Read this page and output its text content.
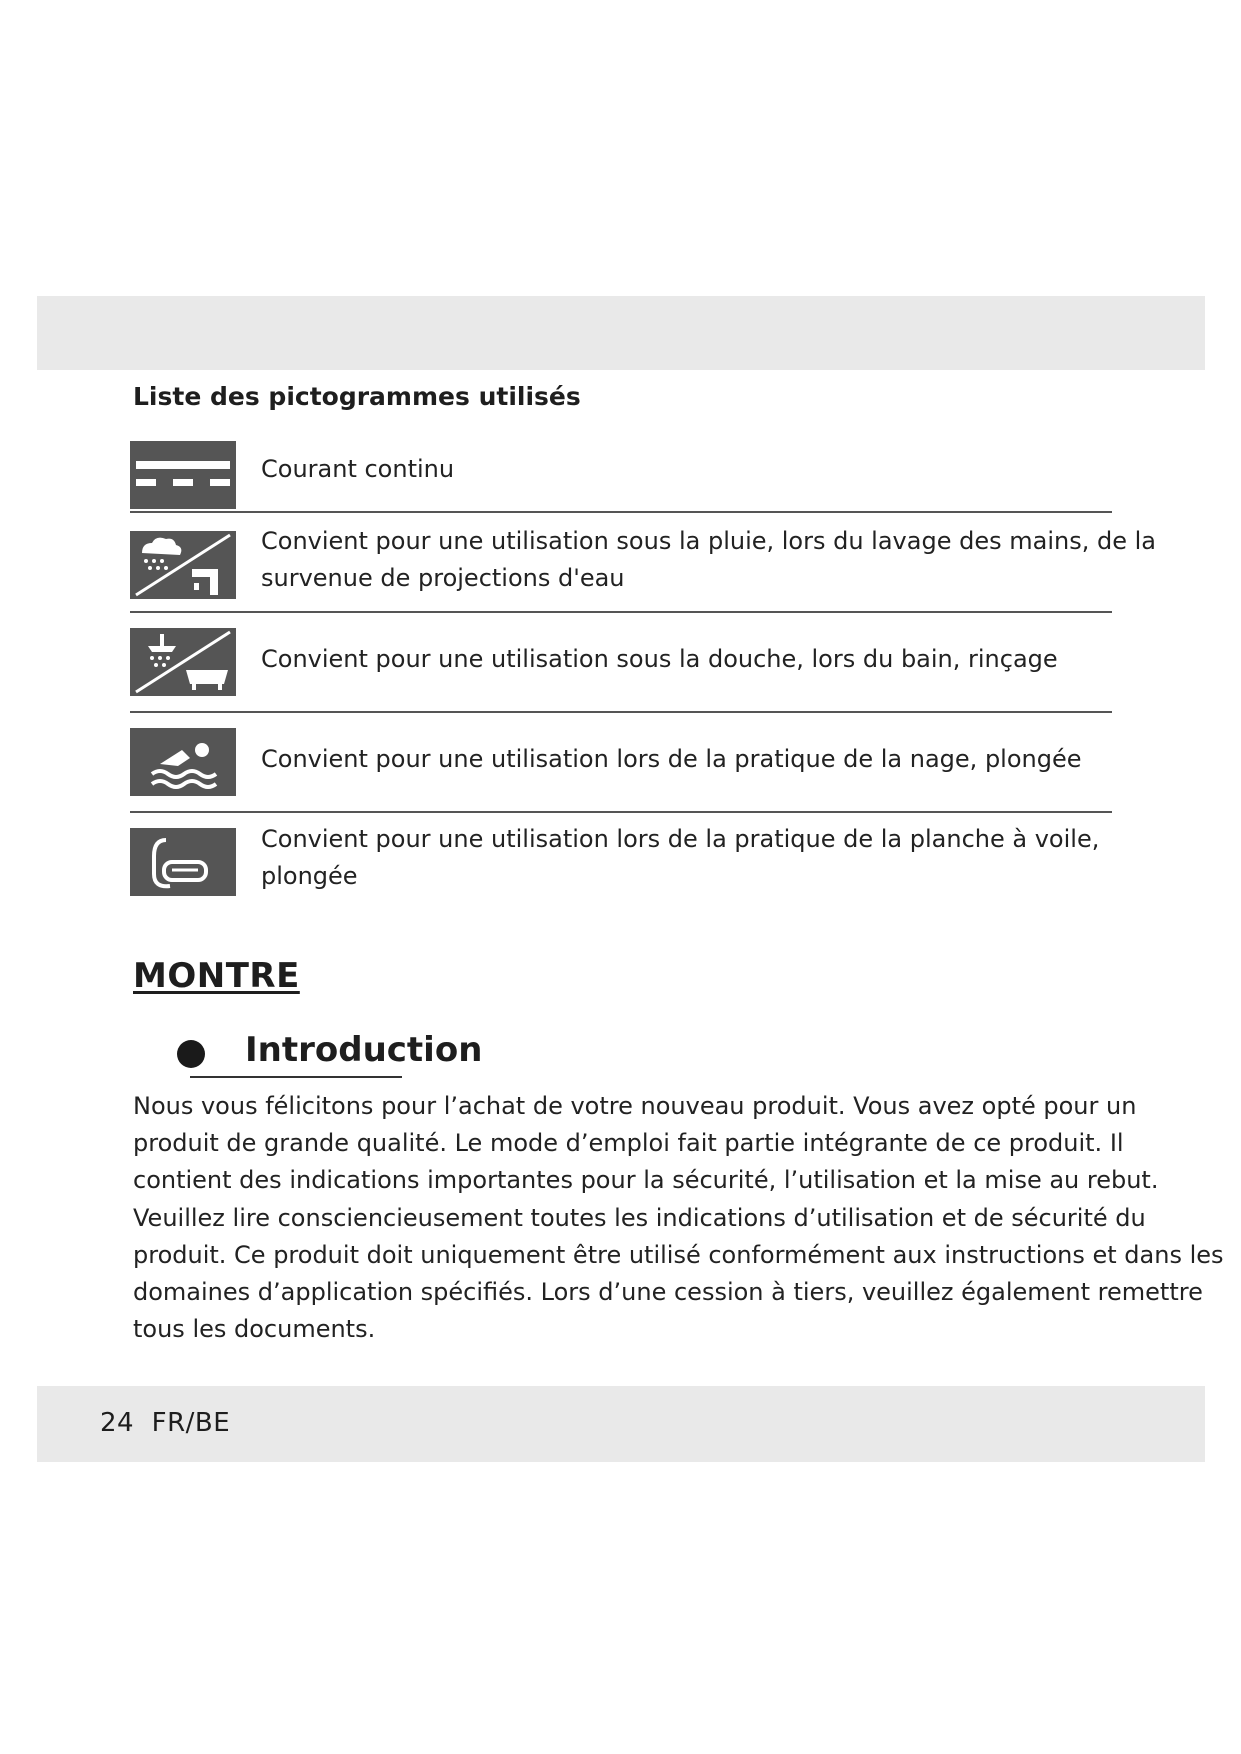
Liste des pictogrammes utilisés
Courant continu
Convient pour une utilisation sous la pluie, lors du lavage des mains, de la
survenue de projections d'eau
Convient pour une utilisation sous la douche, lors du bain, rinçage
Convient pour une utilisation lors de la pratique de la nage, plongée
Convient pour une utilisation lors de la pratique de la planche à voile,
plongée
MONTRE
Introduction
Nous vous félicitons pour l’achat de votre nouveau produit. Vous avez opté pour un
produit de grande qualité. Le mode d’emploi fait partie intégrante de ce produit. Il
contient des indications importantes pour la sécurité, l’utilisation et la mise au rebut.
Veuillez lire consciencieusement toutes les indications d’utilisation et de sécurité du
produit. Ce produit doit uniquement être utilisé conformément aux instructions et dans les
domaines d’application spécifiés. Lors d’une cession à tiers, veuillez également remettre
tous les documents.
24 FR/BE
